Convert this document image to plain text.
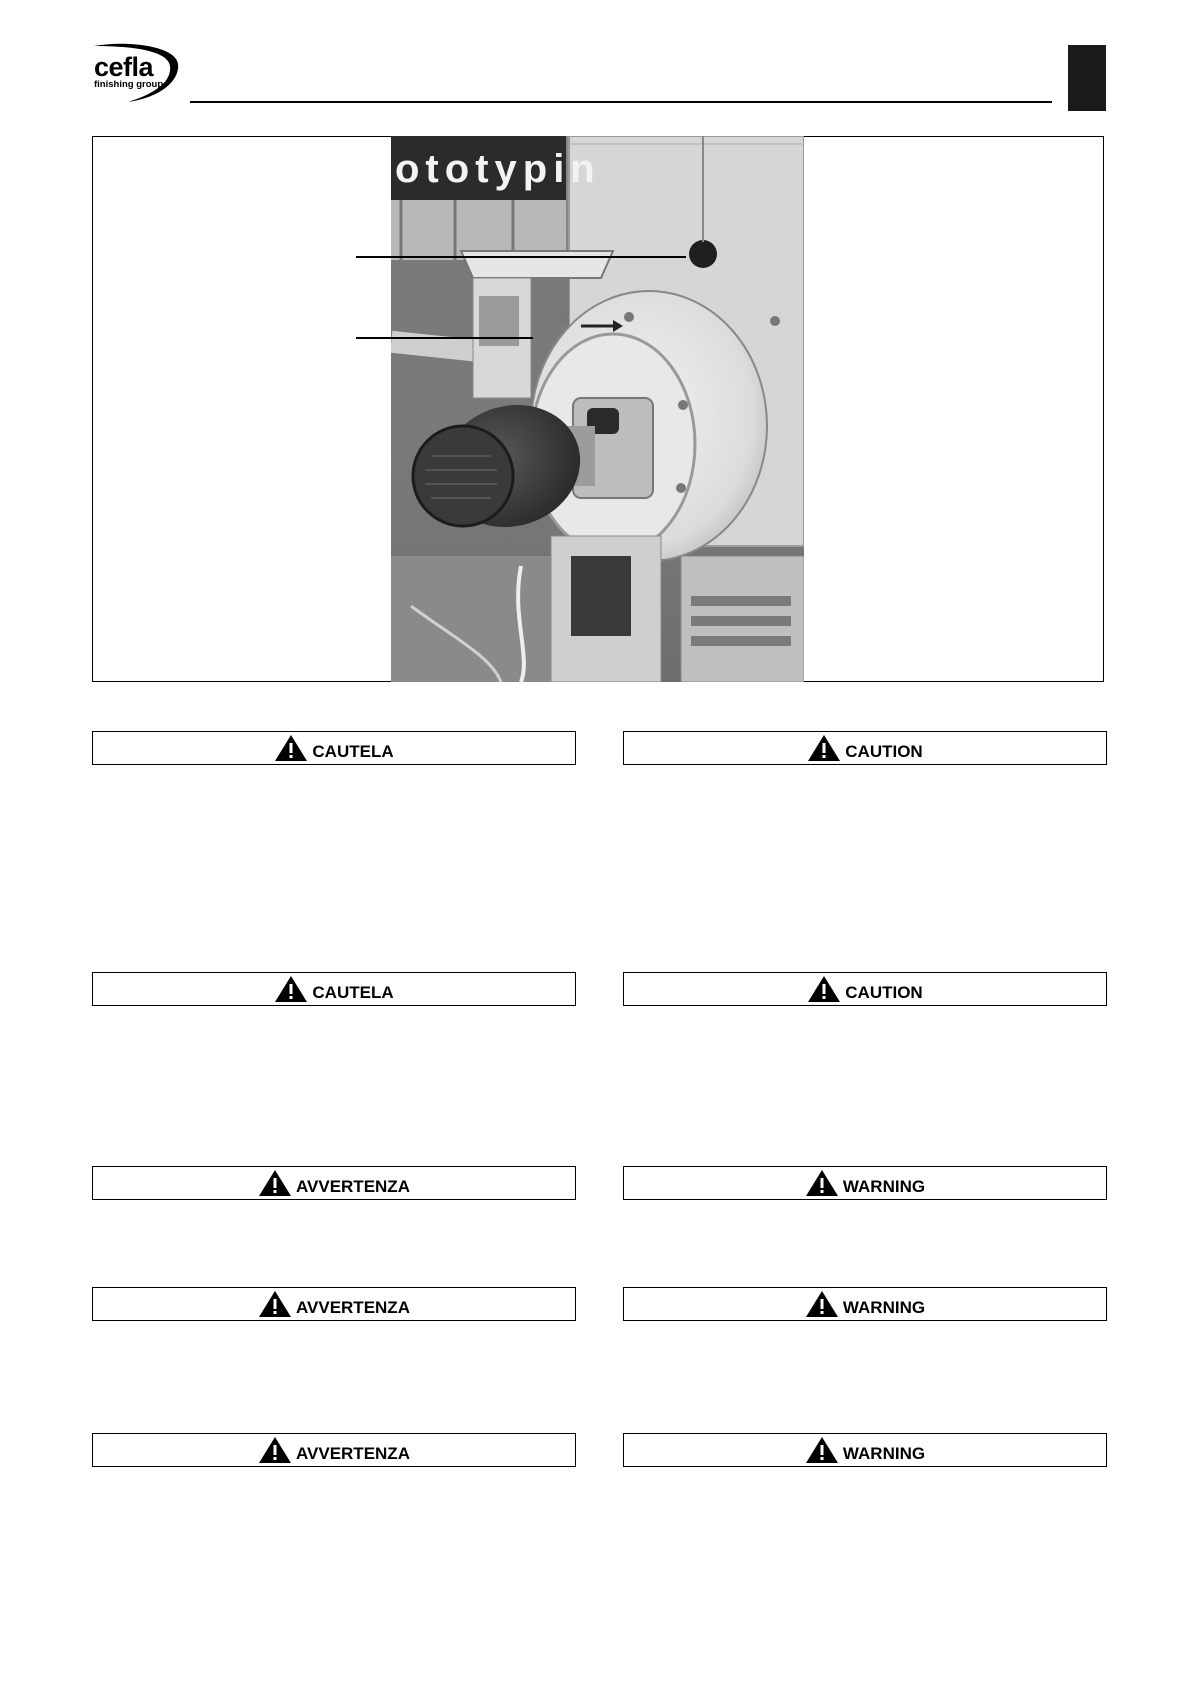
cefla
finishing group
ototypin
CAUTELA
CAUTELA
AVVERTENZA
AVVERTENZA
AVVERTENZA
CAUTION
CAUTION
WARNING
WARNING
WARNING
